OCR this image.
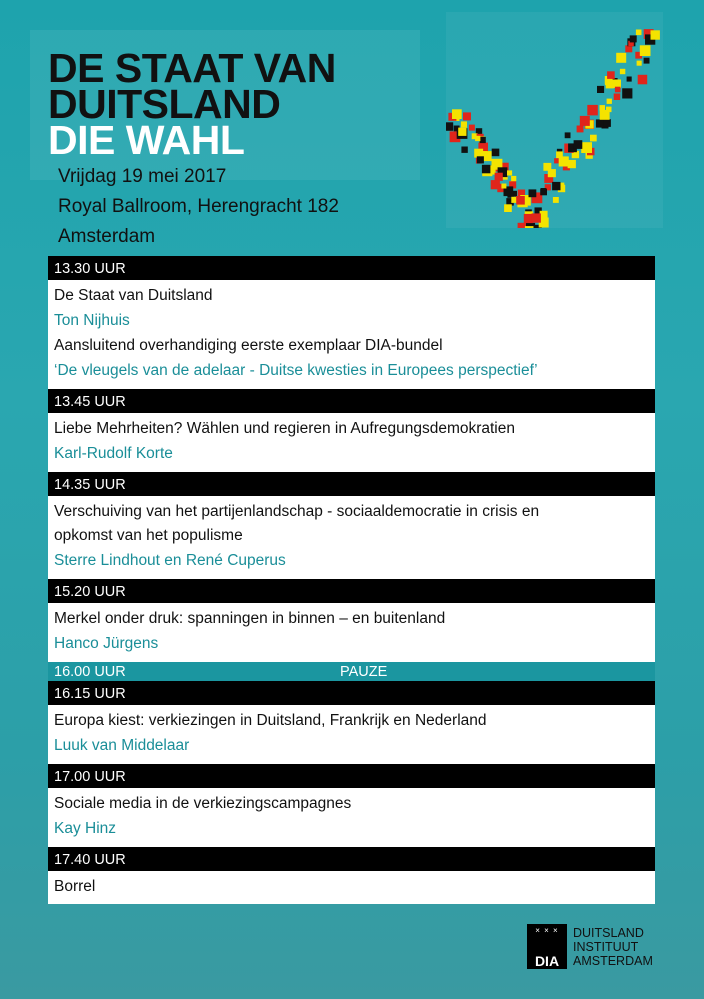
DE STAAT VAN
DUITSLAND
DIE WAHL
Vrijdag 19 mei 2017
Royal Ballroom, Herengracht 182
Amsterdam
13.30 UUR
De Staat van Duitsland
Ton Nijhuis
Aansluitend overhandiging eerste exemplaar DIA-bundel
‘De vleugels van de adelaar - Duitse kwesties in Europees perspectief’
13.45 UUR
Liebe Mehrheiten? Wählen und regieren in Aufregungsdemokratien
Karl-Rudolf Korte
14.35 UUR
Verschuiving van het partijenlandschap - sociaaldemocratie in crisis en
opkomst van het populisme
Sterre Lindhout en René Cuperus
15.20 UUR
Merkel onder druk: spanningen in binnen – en buitenland
Hanco Jürgens
16.00 UUR	PAUZE
16.15 UUR
Europa kiest: verkiezingen in Duitsland, Frankrijk en Nederland
Luuk van Middelaar
17.00 UUR
Sociale media in de verkiezingscampagnes
Kay Hinz
17.40 UUR
Borrel
× × ×
DIA
DUITSLAND
INSTITUUT
AMSTERDAM
